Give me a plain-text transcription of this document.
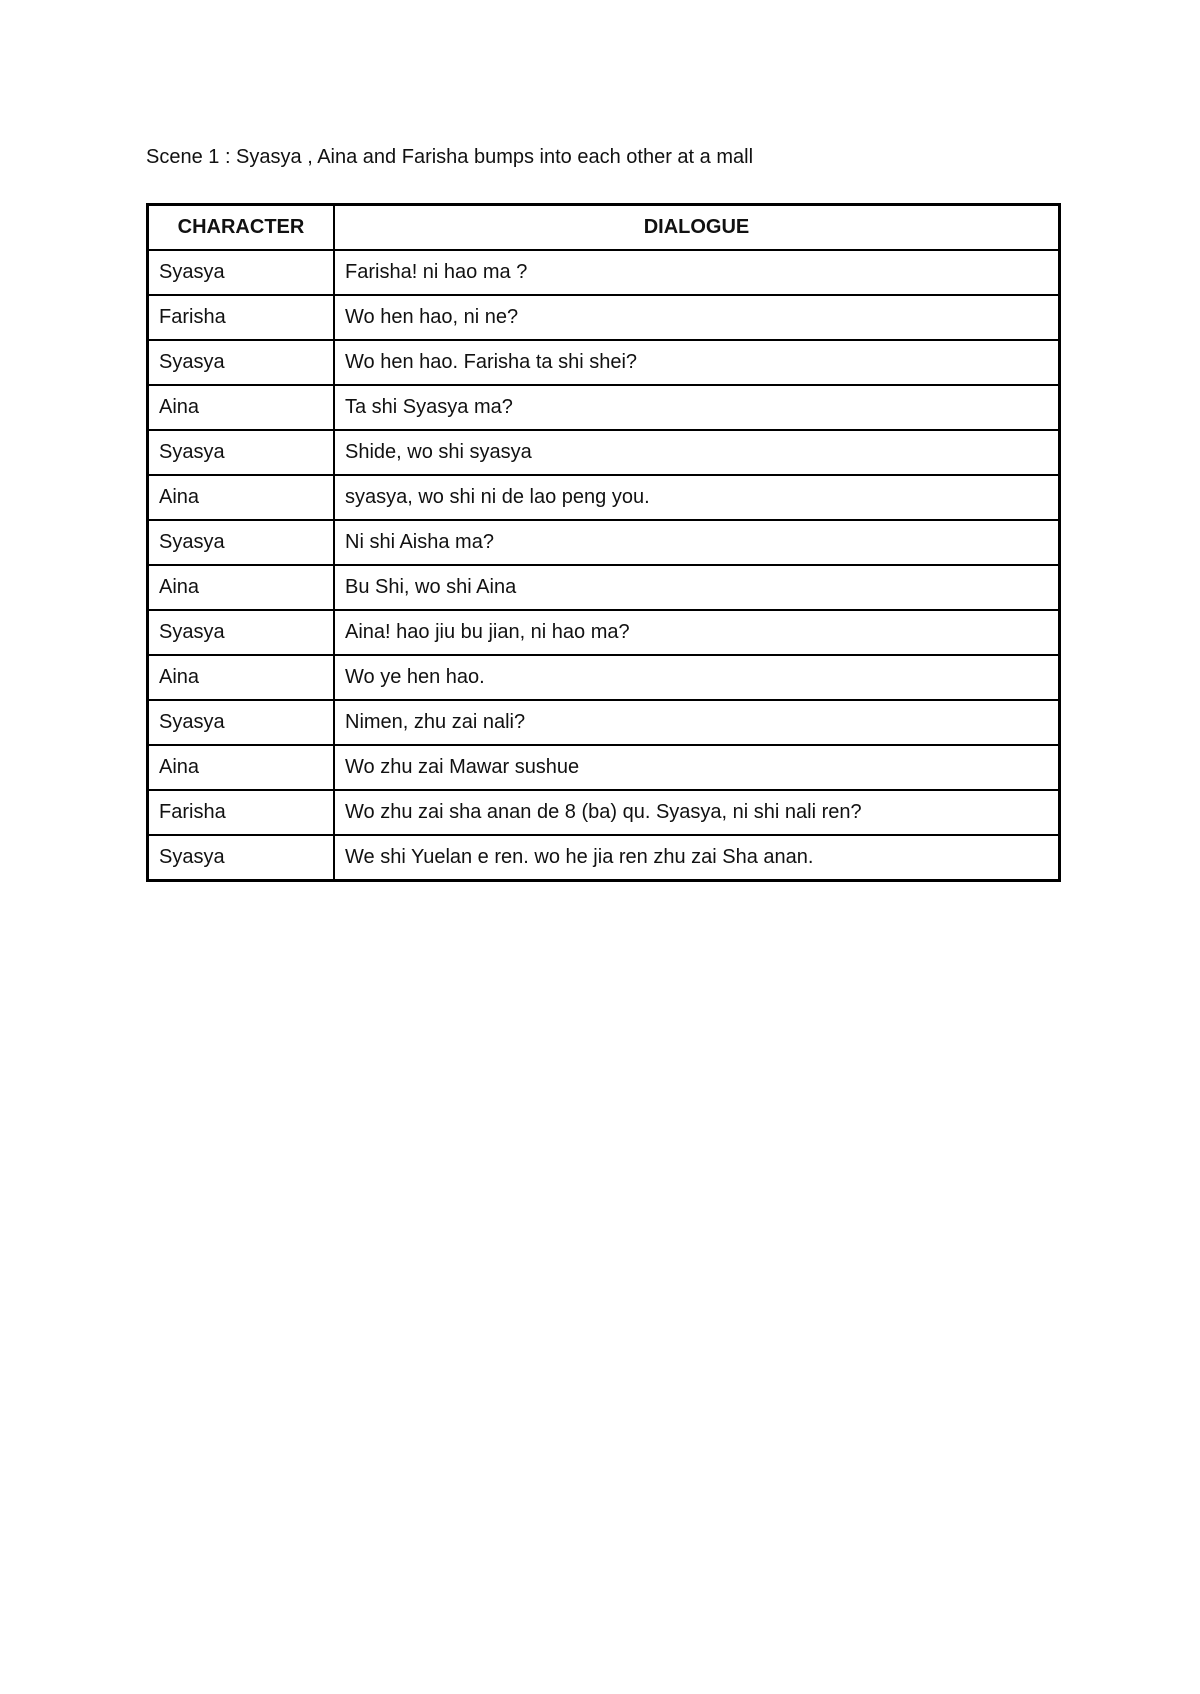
Scene 1 : Syasya , Aina and Farisha bumps into each other at a mall
CHARACTER	DIALOGUE
Syasya	Farisha! ni hao ma ?
Farisha	Wo hen hao, ni ne?
Syasya	Wo hen hao. Farisha ta shi shei?
Aina	Ta shi Syasya ma?
Syasya	Shide, wo shi syasya
Aina	syasya, wo shi ni de lao peng you.
Syasya	Ni shi Aisha ma?
Aina	Bu Shi, wo shi Aina
Syasya	Aina! hao jiu bu jian, ni hao ma?
Aina	Wo ye hen hao.
Syasya	Nimen, zhu zai nali?
Aina	Wo zhu zai Mawar sushue
Farisha	Wo zhu zai sha anan de 8 (ba) qu. Syasya, ni shi nali ren?
Syasya	We shi Yuelan e ren. wo he jia ren zhu zai Sha anan.
